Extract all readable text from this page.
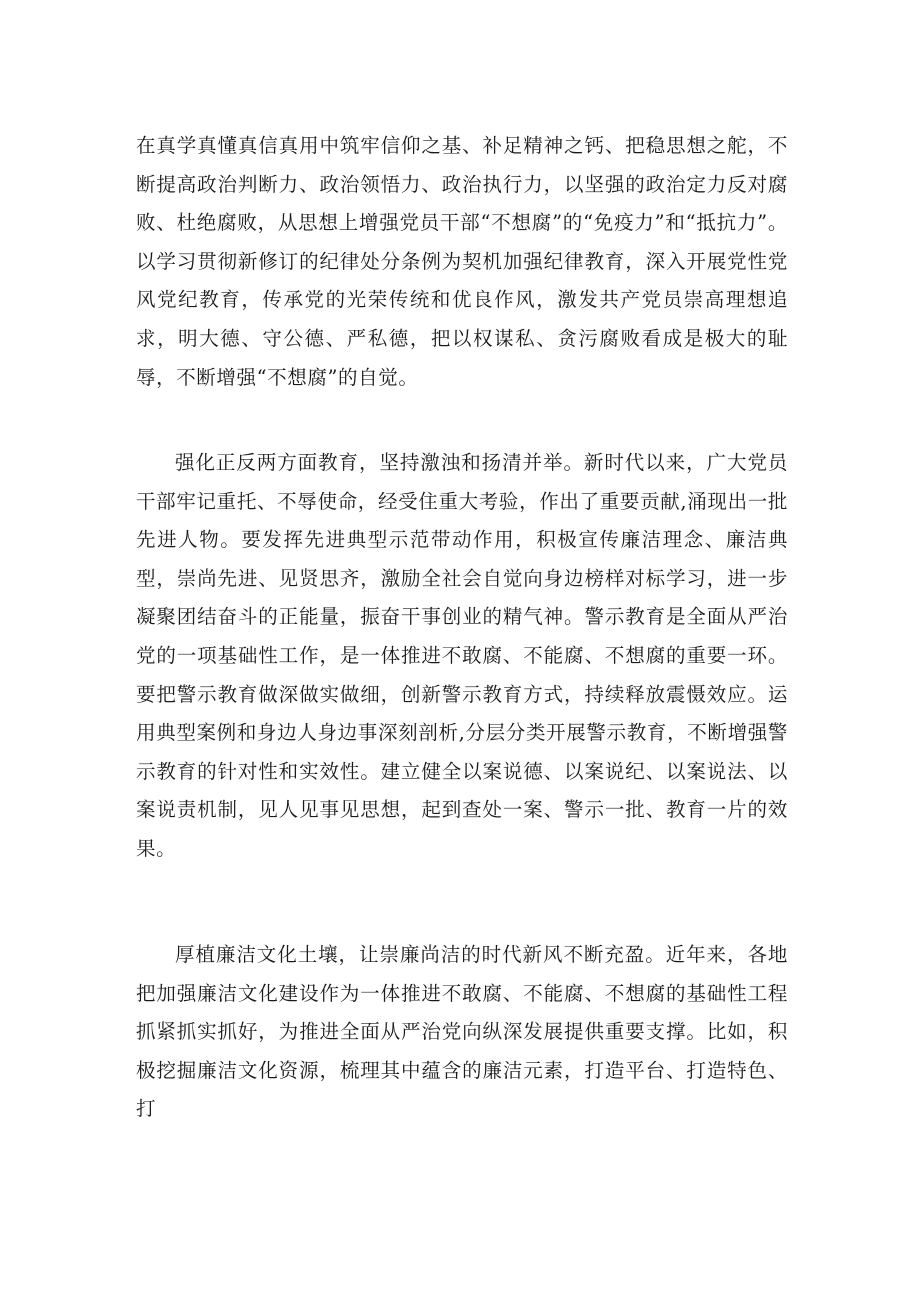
在真学真懂真信真用中筑牢信仰之基、补足精神之钙、把稳思想之舵，不断提高政治判断力、政治领悟力、政治执行力，以坚强的政治定力反对腐败、杜绝腐败，从思想上增强党员干部“不想腐”的“免疫力”和“抵抗力”。以学习贯彻新修订的纪律处分条例为契机加强纪律教育，深入开展党性党风党纪教育，传承党的光荣传统和优良作风，激发共产党员崇高理想追求，明大德、守公德、严私德，把以权谋私、贪污腐败看成是极大的耻辱，不断增强“不想腐”的自觉。

强化正反两方面教育，坚持激浊和扬清并举。新时代以来，广大党员干部牢记重托、不辱使命，经受住重大考验，作出了重要贡献,涌现出一批先进人物。要发挥先进典型示范带动作用，积极宣传廉洁理念、廉洁典型，崇尚先进、见贤思齐，激励全社会自觉向身边榜样对标学习，进一步凝聚团结奋斗的正能量，振奋干事创业的精气神。警示教育是全面从严治党的一项基础性工作，是一体推进不敢腐、不能腐、不想腐的重要一环。要把警示教育做深做实做细，创新警示教育方式，持续释放震慑效应。运用典型案例和身边人身边事深刻剖析,分层分类开展警示教育，不断增强警示教育的针对性和实效性。建立健全以案说德、以案说纪、以案说法、以案说责机制，见人见事见思想，起到查处一案、警示一批、教育一片的效果。

厚植廉洁文化土壤，让崇廉尚洁的时代新风不断充盈。近年来，各地把加强廉洁文化建设作为一体推进不敢腐、不能腐、不想腐的基础性工程抓紧抓实抓好，为推进全面从严治党向纵深发展提供重要支撑。比如，积极挖掘廉洁文化资源，梳理其中蕴含的廉洁元素，打造平台、打造特色、打
